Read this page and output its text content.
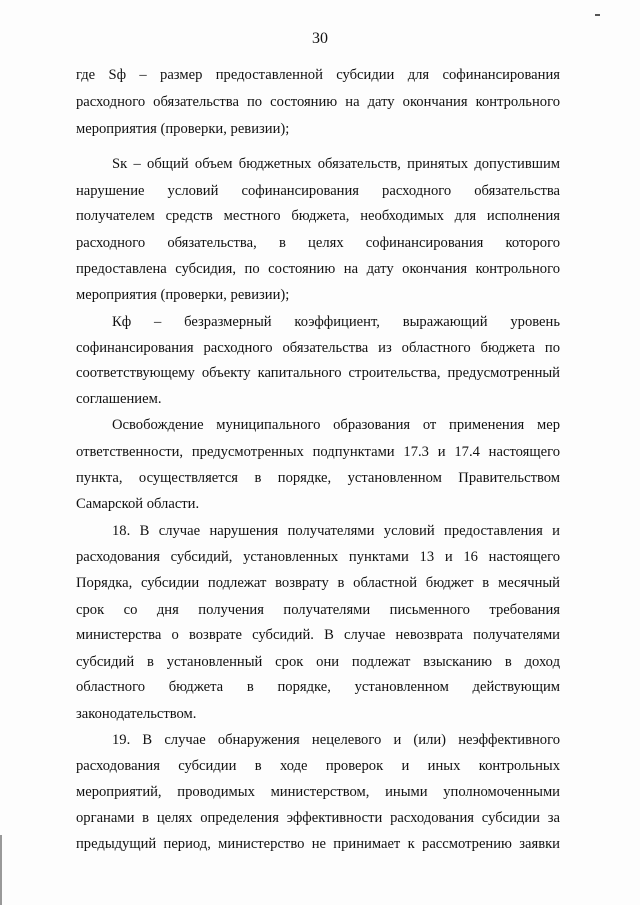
30
где Sф – размер предоставленной субсидии для софинансирования
расходного обязательства по состоянию на дату окончания контрольного
мероприятия (проверки, ревизии);
Sк – общий объем бюджетных обязательств, принятых допустившим
нарушение условий софинансирования расходного обязательства
получателем средств местного бюджета, необходимых для исполнения
расходного обязательства, в целях софинансирования которого
предоставлена субсидия, по состоянию на дату окончания контрольного
мероприятия (проверки, ревизии);
Кф – безразмерный коэффициент, выражающий уровень
софинансирования расходного обязательства из областного бюджета по
соответствующему объекту капитального строительства, предусмотренный
соглашением.
Освобождение муниципального образования от применения мер
ответственности, предусмотренных подпунктами 17.3 и 17.4 настоящего
пункта, осуществляется в порядке, установленном Правительством
Самарской области.
18. В случае нарушения получателями условий предоставления и
расходования субсидий, установленных пунктами 13 и 16 настоящего
Порядка, субсидии подлежат возврату в областной бюджет в месячный
срок со дня получения получателями письменного требования
министерства о возврате субсидий. В случае невозврата получателями
субсидий в установленный срок они подлежат взысканию в доход
областного бюджета в порядке, установленном действующим
законодательством.
19. В случае обнаружения нецелевого и (или) неэффективного
расходования субсидии в ходе проверок и иных контрольных
мероприятий, проводимых министерством, иными уполномоченными
органами в целях определения эффективности расходования субсидии за
предыдущий период, министерство не принимает к рассмотрению заявки
